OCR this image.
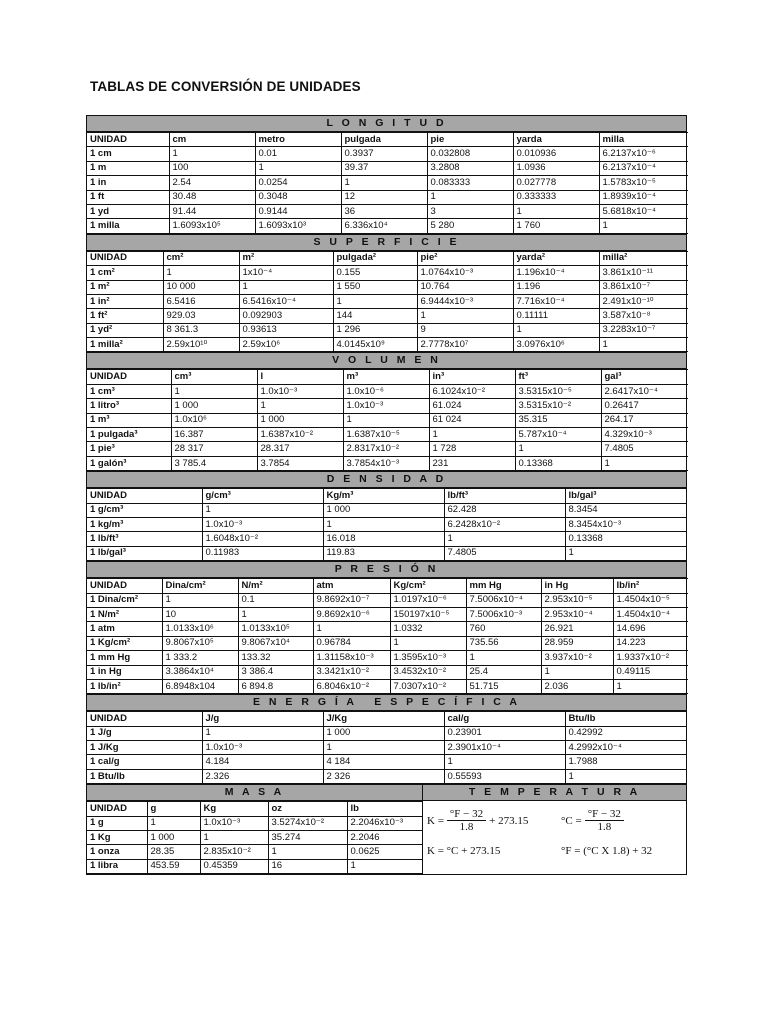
TABLAS DE CONVERSIÓN DE UNIDADES
L O N G I T U D
UNIDAD	cm	metro	pulgada	pie	yarda	milla
1 cm	1	0.01	0.3937	0.032808	0.010936	6.2137x10⁻⁶
1 m	100	1	39.37	3.2808	1.0936	6.2137x10⁻⁴
1 in	2.54	0.0254	1	0.083333	0.027778	1.5783x10⁻⁵
1 ft	30.48	0.3048	12	1	0.333333	1.8939x10⁻⁴
1 yd	91.44	0.9144	36	3	1	5.6818x10⁻⁴
1 milla	1.6093x10⁵	1.6093x10³	6.336x10⁴	5 280	1 760	1
S U P E R F I C I E
UNIDAD	cm²	m²	pulgada²	pie²	yarda²	milla²
1 cm²	1	1x10⁻⁴	0.155	1.0764x10⁻³	1.196x10⁻⁴	3.861x10⁻¹¹
1 m²	10 000	1	1 550	10.764	1.196	3.861x10⁻⁷
1 in²	6.5416	6.5416x10⁻⁴	1	6.9444x10⁻³	7.716x10⁻⁴	2.491x10⁻¹⁰
1 ft²	929.03	0.092903	144	1	0.11111	3.587x10⁻⁸
1 yd²	8 361.3	0.93613	1 296	9	1	3.2283x10⁻⁷
1 milla²	2.59x10¹⁰	2.59x10⁶	4.0145x10⁹	2.7778x10⁷	3.0976x10⁶	1
V O L U M E N
UNIDAD	cm³	l	m³	in³	ft³	gal³
1 cm³	1	1.0x10⁻³	1.0x10⁻⁶	6.1024x10⁻²	3.5315x10⁻⁵	2.6417x10⁻⁴
1 litro³	1 000	1	1.0x10⁻³	61.024	3.5315x10⁻²	0.26417
1 m³	1.0x10⁶	1 000	1	61 024	35.315	264.17
1 pulgada³	16.387	1.6387x10⁻²	1.6387x10⁻⁵	1	5.787x10⁻⁴	4.329x10⁻³
1 pie³	28 317	28.317	2.8317x10⁻²	1 728	1	7.4805
1 galón³	3 785.4	3.7854	3.7854x10⁻³	231	0.13368	1
D E N S I D A D
UNIDAD	g/cm³	Kg/m³	lb/ft³	lb/gal³
1 g/cm³	1	1 000	62.428	8.3454
1 kg/m³	1.0x10⁻³	1	6.2428x10⁻²	8.3454x10⁻³
1 lb/ft³	1.6048x10⁻²	16.018	1	0.13368
1 lb/gal³	0.11983	119.83	7.4805	1
P R E S I Ó N
UNIDAD	Dina/cm²	N/m²	atm	Kg/cm²	mm Hg	in Hg	lb/in²
1 Dina/cm²	1	0.1	9.8692x10⁻⁷	1.0197x10⁻⁶	7.5006x10⁻⁴	2.953x10⁻⁵	1.4504x10⁻⁵
1 N/m²	10	1	9.8692x10⁻⁶	150197x10⁻⁵	7.5006x10⁻³	2.953x10⁻⁴	1.4504x10⁻⁴
1 atm	1.0133x10⁶	1.0133x10⁵	1	1.0332	760	26.921	14.696
1 Kg/cm²	9.8067x10⁵	9.8067x10⁴	0.96784	1	735.56	28.959	14.223
1 mm Hg	1 333.2	133.32	1.31158x10⁻³	1.3595x10⁻³	1	3.937x10⁻²	1.9337x10⁻²
1 in Hg	3.3864x10⁴	3 386.4	3.3421x10⁻²	3.4532x10⁻²	25.4	1	0.49115
1 lb/in²	6.8948x104	6 894.8	6.8046x10⁻²	7.0307x10⁻²	51.715	2.036	1
E N E R G Í A   E S P E C Í F I C A
UNIDAD	J/g	J/Kg	cal/g	Btu/lb
1 J/g	1	1 000	0.23901	0.42992
1 J/Kg	1.0x10⁻³	1	2.3901x10⁻⁴	4.2992x10⁻⁴
1 cal/g	4.184	4 184	1	1.7988
1 Btu/lb	2.326	2 326	0.55593	1
M A S A
UNIDAD	g	Kg	oz	lb
1 g	1	1.0x10⁻³	3.5274x10⁻²	2.2046x10⁻³
1 Kg	1 000	1	35.274	2.2046
1 onza	28.35	2.835x10⁻²	1	0.0625
1 libra	453.59	0.45359	16	1
T E M P E R A T U R A
$K = \frac{^\circ F - 32}{1.8} + 273.15$	$^\circ C = \frac{^\circ F - 32}{1.8}$
K = °C + 273.15	°F = (°C X 1.8) + 32
